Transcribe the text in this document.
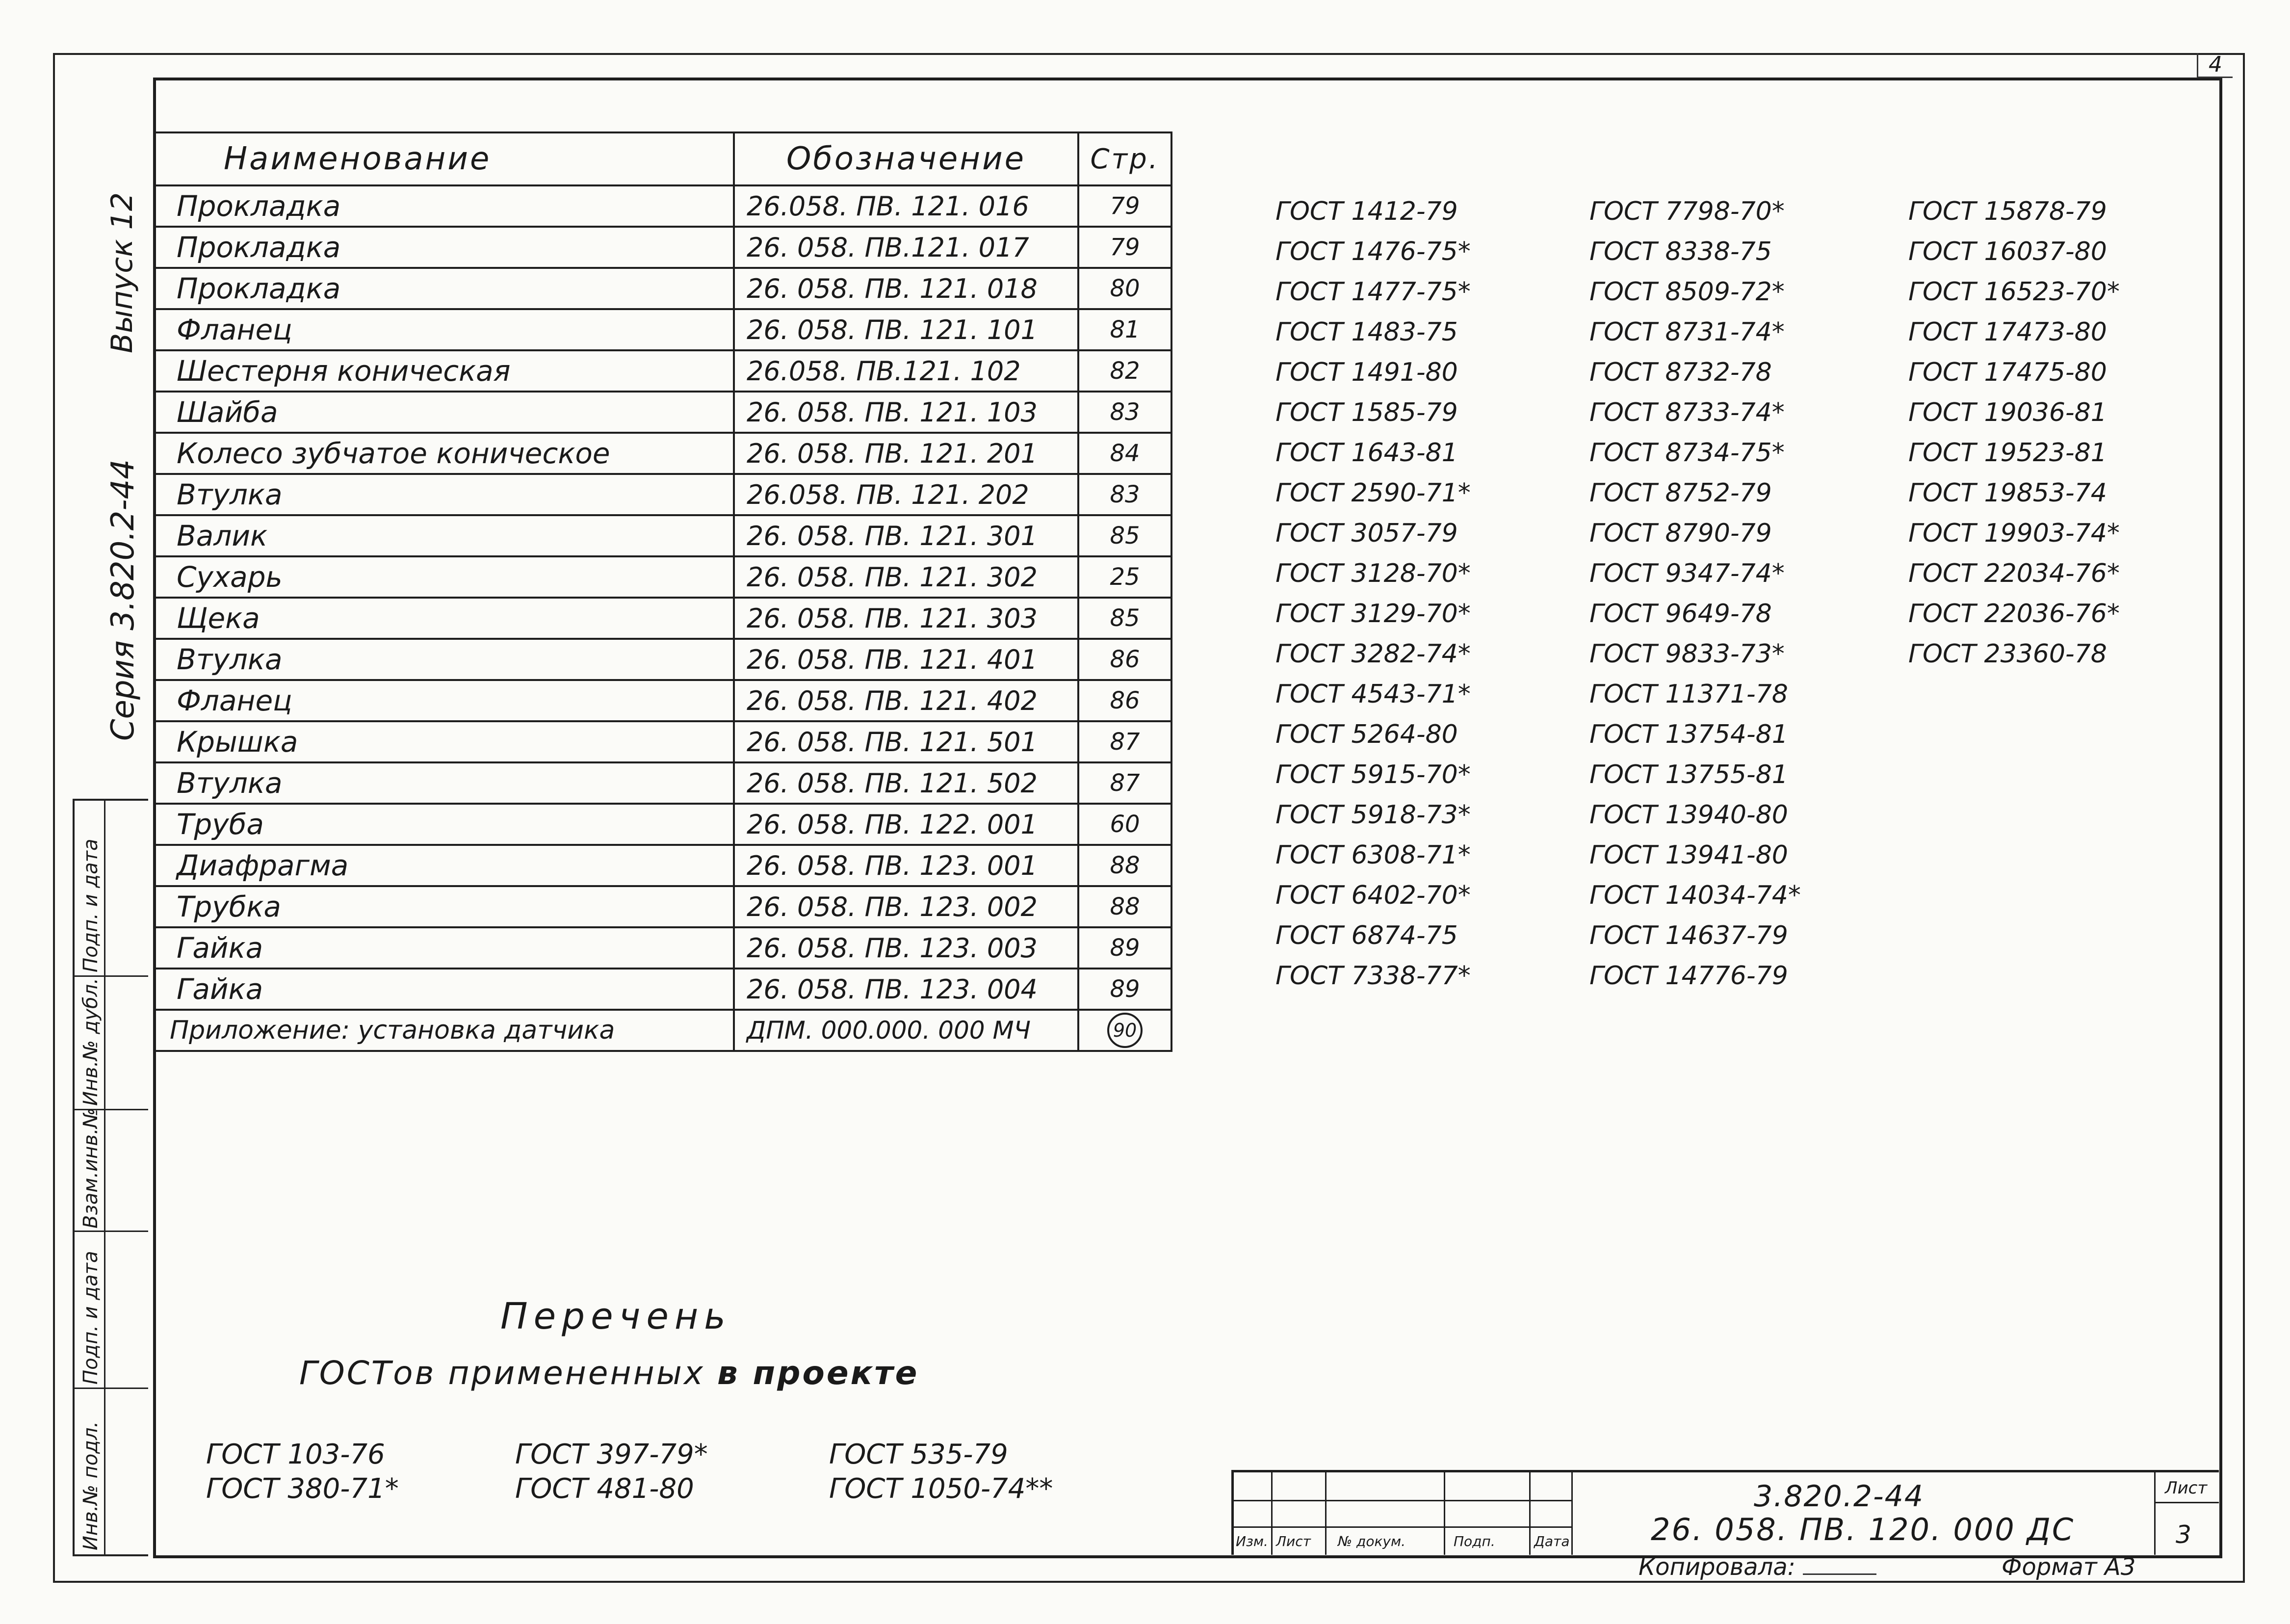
4
Выпуск 12
Серия 3.820.2-44
Инв.№ подл.
Подп. и дата
Взам.инв.№
Инв.№ дубл.
Подп. и дата
Наименование	Обозначение	Стр.
Прокладка	26.058. ПВ. 121. 016	79
Прокладка	26. 058. ПВ.121. 017	79
Прокладка	26. 058. ПВ. 121. 018	80
Фланец	26. 058. ПВ. 121. 101	81
Шестерня коническая	26.058. ПВ.121. 102	82
Шайба	26. 058. ПВ. 121. 103	83
Колесо зубчатое коническое	26. 058. ПВ. 121. 201	84
Втулка	26.058. ПВ. 121. 202	83
Валик	26. 058. ПВ. 121. 301	85
Сухарь	26. 058. ПВ. 121. 302	25
Щека	26. 058. ПВ. 121. 303	85
Втулка	26. 058. ПВ. 121. 401	86
Фланец	26. 058. ПВ. 121. 402	86
Крышка	26. 058. ПВ. 121. 501	87
Втулка	26. 058. ПВ. 121. 502	87
Труба	26. 058. ПВ. 122. 001	60
Диафрагма	26. 058. ПВ. 123. 001	88
Трубка	26. 058. ПВ. 123. 002	88
Гайка	26. 058. ПВ. 123. 003	89
Гайка	26. 058. ПВ. 123. 004	89
Приложение: установка датчика	ДПМ. 000.000. 000 МЧ	90
ГОСТ 1412-79
ГОСТ 1476-75*
ГОСТ 1477-75*
ГОСТ 1483-75
ГОСТ 1491-80
ГОСТ 1585-79
ГОСТ 1643-81
ГОСТ 2590-71*
ГОСТ 3057-79
ГОСТ 3128-70*
ГОСТ 3129-70*
ГОСТ 3282-74*
ГОСТ 4543-71*
ГОСТ 5264-80
ГОСТ 5915-70*
ГОСТ 5918-73*
ГОСТ 6308-71*
ГОСТ 6402-70*
ГОСТ 6874-75
ГОСТ 7338-77*
ГОСТ 7798-70*
ГОСТ 8338-75
ГОСТ 8509-72*
ГОСТ 8731-74*
ГОСТ 8732-78
ГОСТ 8733-74*
ГОСТ 8734-75*
ГОСТ 8752-79
ГОСТ 8790-79
ГОСТ 9347-74*
ГОСТ 9649-78
ГОСТ 9833-73*
ГОСТ 11371-78
ГОСТ 13754-81
ГОСТ 13755-81
ГОСТ 13940-80
ГОСТ 13941-80
ГОСТ 14034-74*
ГОСТ 14637-79
ГОСТ 14776-79
ГОСТ 15878-79
ГОСТ 16037-80
ГОСТ 16523-70*
ГОСТ 17473-80
ГОСТ 17475-80
ГОСТ 19036-81
ГОСТ 19523-81
ГОСТ 19853-74
ГОСТ 19903-74*
ГОСТ 22034-76*
ГОСТ 22036-76*
ГОСТ 23360-78
Перечень
ГОСТов примененных в проекте
ГОСТ 103-76
ГОСТ 380-71*
ГОСТ 397-79*
ГОСТ 481-80
ГОСТ 535-79
ГОСТ 1050-74**
Изм. Лист № докум.	Подп.	Дата
3.820.2-44
26. 058. ПВ. 120. 000 ДС
Лист
3
Копировала:	Формат А3
